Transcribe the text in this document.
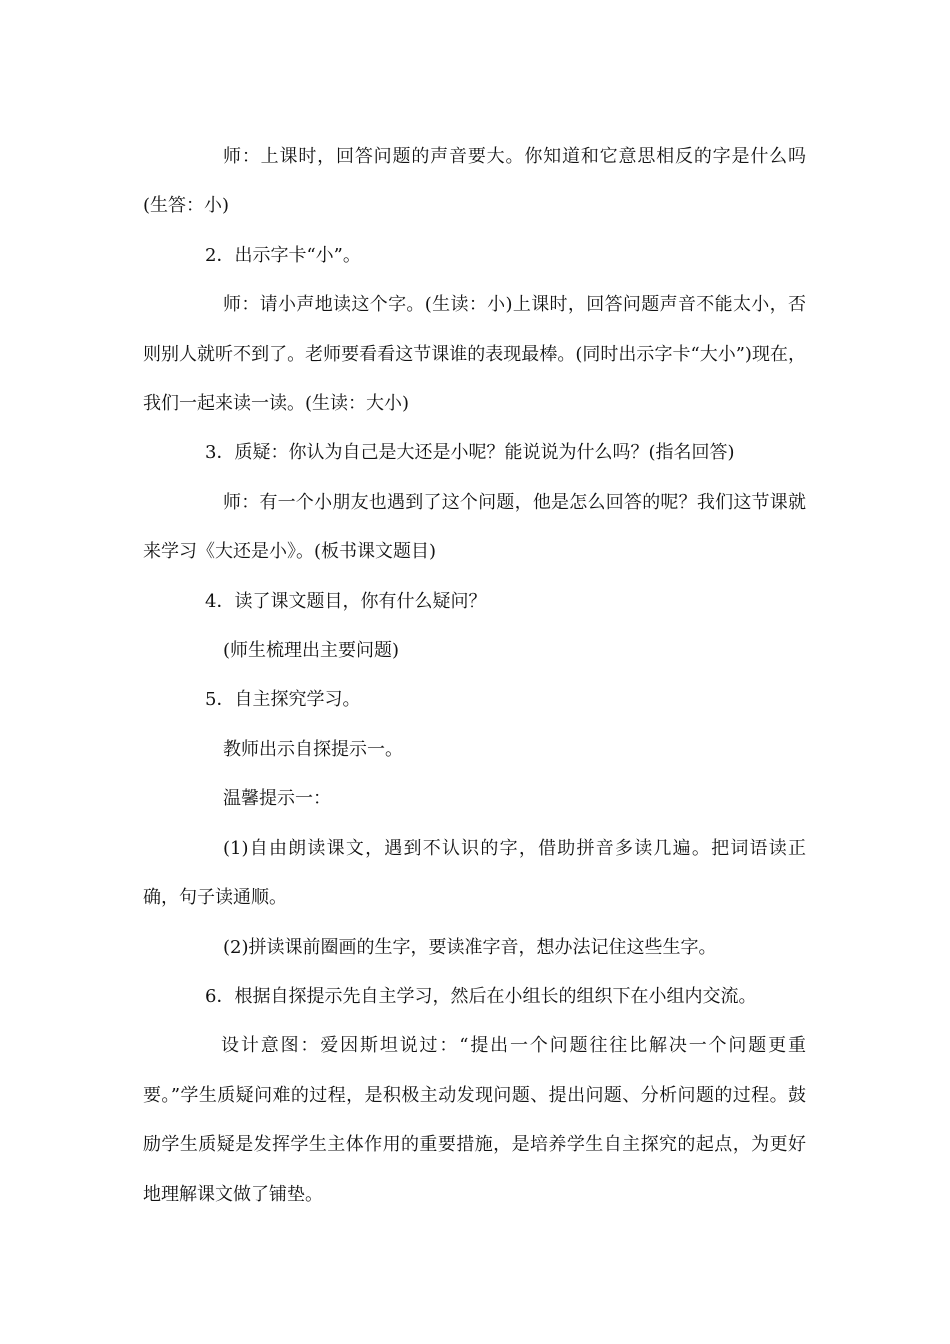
师：上课时，回答问题的声音要大。你知道和它意思相反的字是什么吗(生答：小)

2．出示字卡“小”。

师：请小声地读这个字。(生读：小)上课时，回答问题声音不能太小，否则别人就听不到了。老师要看看这节课谁的表现最棒。(同时出示字卡“大小”)现在，我们一起来读一读。(生读：大小)

3．质疑：你认为自己是大还是小呢？能说说为什么吗？(指名回答)

师：有一个小朋友也遇到了这个问题，他是怎么回答的呢？我们这节课就来学习《大还是小》。(板书课文题目)

4．读了课文题目，你有什么疑问？

(师生梳理出主要问题)

5．自主探究学习。

教师出示自探提示一。

温馨提示一：

(1)自由朗读课文，遇到不认识的字，借助拼音多读几遍。把词语读正确，句子读通顺。

(2)拼读课前圈画的生字，要读准字音，想办法记住这些生字。

6．根据自探提示先自主学习，然后在小组长的组织下在小组内交流。

设计意图：爱因斯坦说过：“提出一个问题往往比解决一个问题更重要。”学生质疑问难的过程，是积极主动发现问题、提出问题、分析问题的过程。鼓励学生质疑是发挥学生主体作用的重要措施，是培养学生自主探究的起点，为更好地理解课文做了铺垫。
